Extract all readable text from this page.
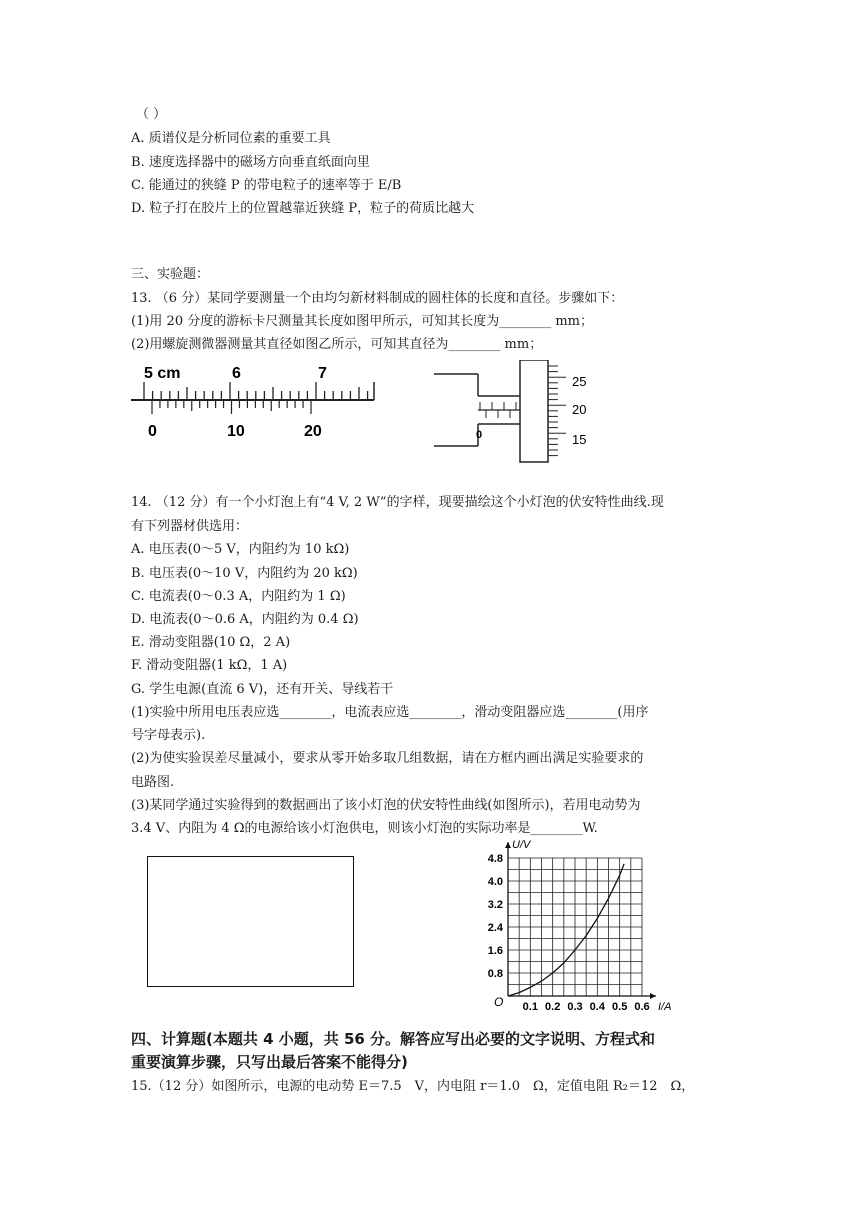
（ ）
A. 质谱仪是分析同位素的重要工具
B. 速度选择器中的磁场方向垂直纸面向里
C. 能通过的狭缝 P 的带电粒子的速率等于 E/B
D. 粒子打在胶片上的位置越靠近狭缝 P，粒子的荷质比越大
三、实验题：
13. （6 分）某同学要测量一个由均匀新材料制成的圆柱体的长度和直径。步骤如下：
(1)用 20 分度的游标卡尺测量其长度如图甲所示，可知其长度为________ mm；
(2)用螺旋测微器测量其直径如图乙所示，可知其直径为________ mm；
5 cm	6	7
0	10	20	0
25
20
15
14. （12 分）有一个小灯泡上有“4 V, 2 W”的字样，现要描绘这个小灯泡的伏安特性曲线.现
有下列器材供选用：
A. 电压表(0～5 V，内阻约为 10 kΩ)
B. 电压表(0～10 V，内阻约为 20 kΩ)
C. 电流表(0～0.3 A，内阻约为 1 Ω)
D. 电流表(0～0.6 A，内阻约为 0.4 Ω)
E. 滑动变阻器(10 Ω，2 A)
F. 滑动变阻器(1 kΩ，1 A)
G. 学生电源(直流 6 V)，还有开关、导线若干
(1)实验中所用电压表应选________，电流表应选________，滑动变阻器应选________(用序
号字母表示).
(2)为使实验误差尽量减小，要求从零开始多取几组数据，请在方框内画出满足实验要求的
电路图.
(3)某同学通过实验得到的数据画出了该小灯泡的伏安特性曲线(如图所示)，若用电动势为
3.4 V、内阻为 4 Ω的电源给该小灯泡供电，则该小灯泡的实际功率是________W.
0.8
1.6
2.4
3.2
4.0
4.8
0.1 0.2 0.3 0.4 0.5 0.6
U/V
I/A
O
四、计算题(本题共 4 小题，共 56 分。解答应写出必要的文字说明、方程式和
重要演算步骤，只写出最后答案不能得分)
15.（12 分）如图所示，电源的电动势 E＝7.5　V，内电阻 r＝1.0　Ω，定值电阻 R₂＝12　Ω，
